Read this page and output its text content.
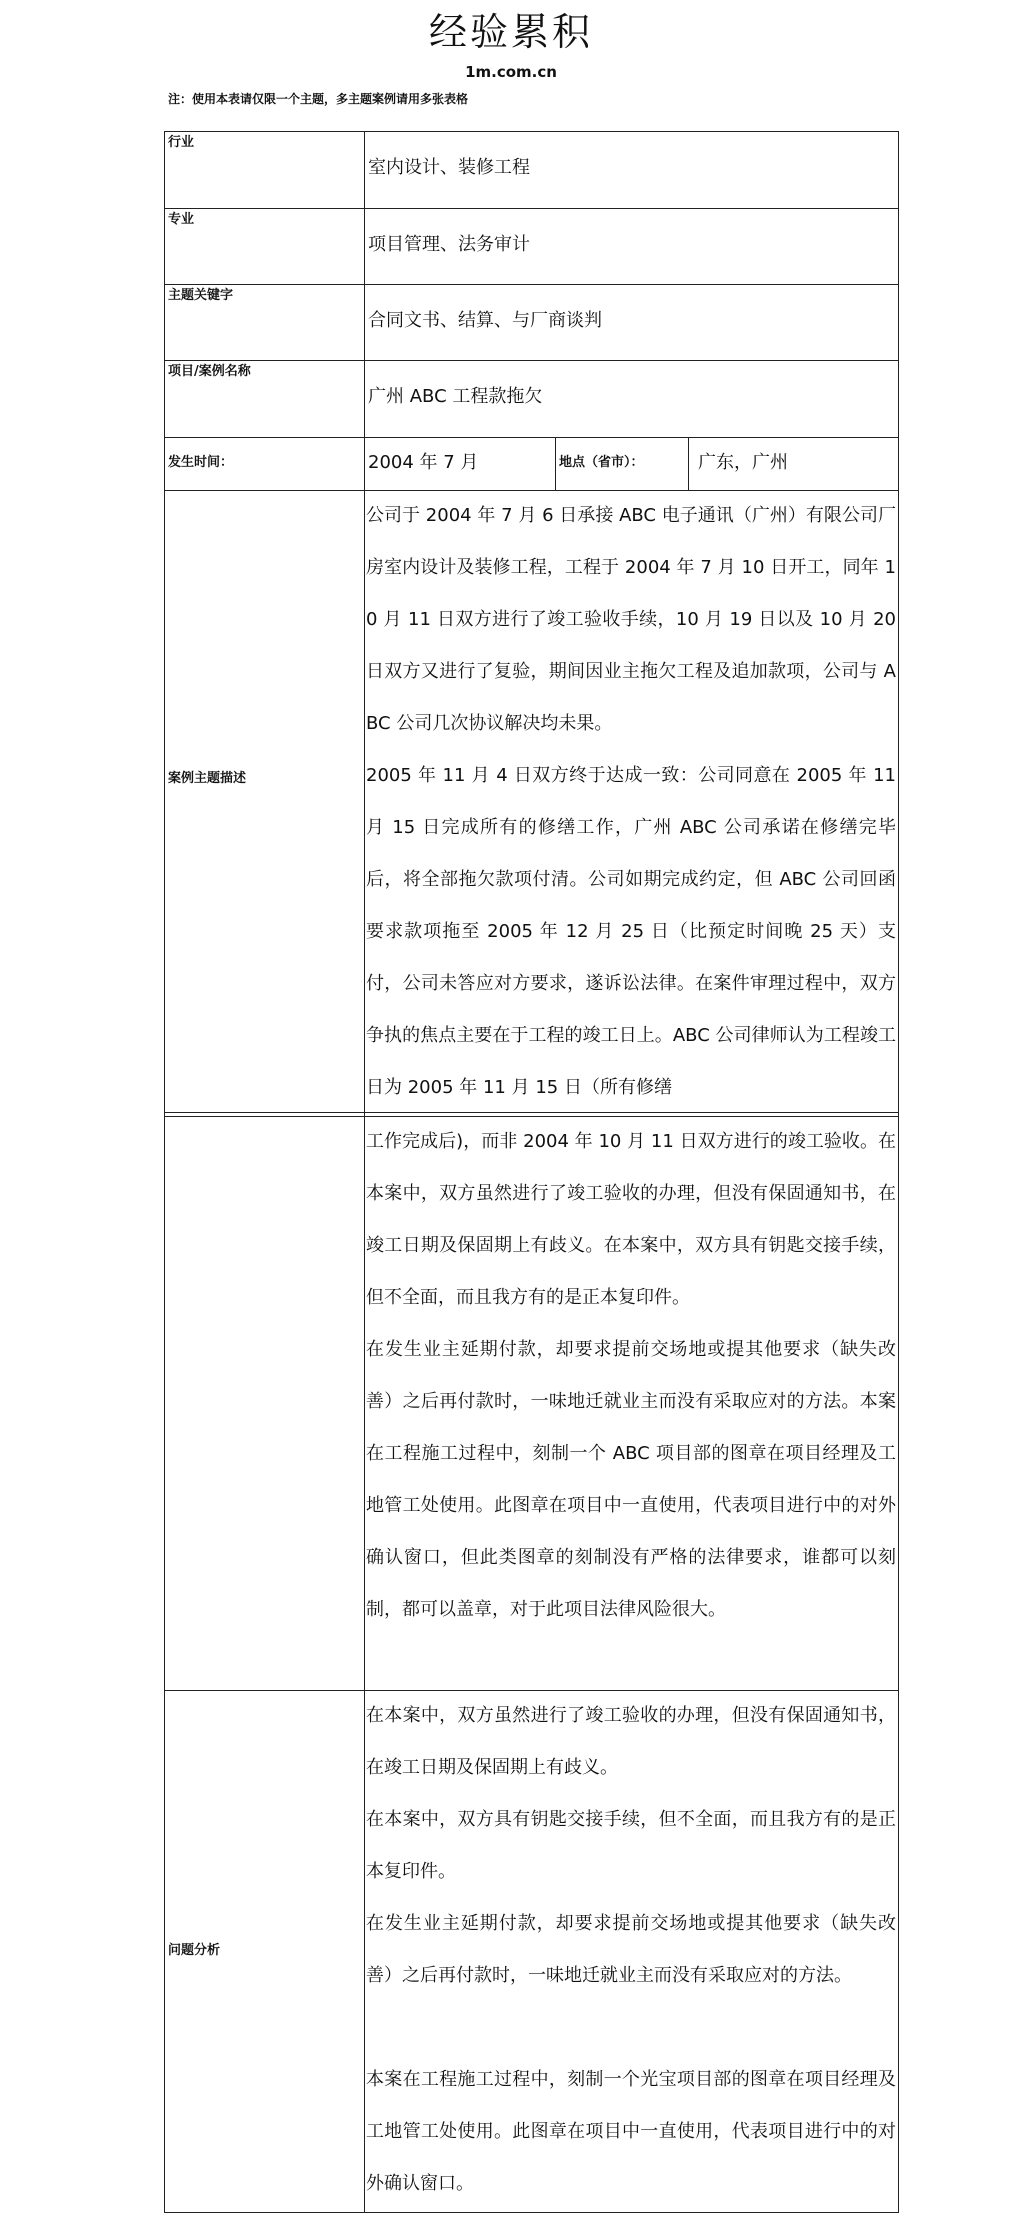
经验累积
1m.com.cn
注：使用本表请仅限一个主题，多主题案例请用多张表格
行业
室内设计、装修工程
专业
项目管理、法务审计
主题关键字
合同文书、结算、与厂商谈判
项目/案例名称
广州 ABC 工程款拖欠
发生时间：	2004 年 7 月	地点（省市）：	广东，广州
案例主题描述
公司于 2004 年 7 月 6 日承接 ABC 电子通讯（广州）有限公司厂房室内设计及装修工程，工程于 2004 年 7 月 10 日开工，同年 10 月 11 日双方进行了竣工验收手续，10 月 19 日以及 10 月 20 日双方又进行了复验，期间因业主拖欠工程及追加款项，公司与 ABC 公司几次协议解决均未果。
2005 年 11 月 4 日双方终于达成一致：公司同意在 2005 年 11 月 15 日完成所有的修缮工作，广州 ABC 公司承诺在修缮完毕后，将全部拖欠款项付清。公司如期完成约定，但 ABC 公司回函要求款项拖至 2005 年 12 月 25 日（比预定时间晚 25 天）支付，公司未答应对方要求，遂诉讼法律。在案件审理过程中，双方争执的焦点主要在于工程的竣工日上。ABC 公司律师认为工程竣工日为 2005 年 11 月 15 日（所有修缮
工作完成后)，而非 2004 年 10 月 11 日双方进行的竣工验收。在本案中，双方虽然进行了竣工验收的办理，但没有保固通知书，在竣工日期及保固期上有歧义。在本案中，双方具有钥匙交接手续，但不全面，而且我方有的是正本复印件。
在发生业主延期付款，却要求提前交场地或提其他要求（缺失改善）之后再付款时，一味地迁就业主而没有采取应对的方法。本案在工程施工过程中，刻制一个 ABC 项目部的图章在项目经理及工地管工处使用。此图章在项目中一直使用，代表项目进行中的对外确认窗口，但此类图章的刻制没有严格的法律要求，谁都可以刻制，都可以盖章，对于此项目法律风险很大。
问题分析
在本案中，双方虽然进行了竣工验收的办理，但没有保固通知书，在竣工日期及保固期上有歧义。
在本案中，双方具有钥匙交接手续，但不全面，而且我方有的是正本复印件。
在发生业主延期付款，却要求提前交场地或提其他要求（缺失改善）之后再付款时，一味地迁就业主而没有采取应对的方法。
本案在工程施工过程中，刻制一个光宝项目部的图章在项目经理及工地管工处使用。此图章在项目中一直使用，代表项目进行中的对外确认窗口。
